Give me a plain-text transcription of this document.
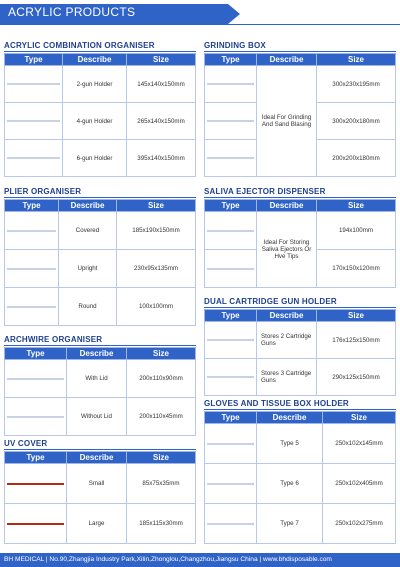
ACRYLIC PRODUCTS
ACRYLIC COMBINATION ORGANISER
Type	Describe	Size

	2-gun Holder	145x140x150mm

	4-gun Holder	265x140x150mm

	6-gun Holder	395x140x150mm
GRINDING BOX
Type	Describe	Size

	Ideal For Grinding And Sand Blasing	300x230x195mm

		300x200x180mm

		200x200x180mm
PLIER ORGANISER
Type	Describe	Size

	Covered	185x190x150mm

	Upright	230x95x135mm

	Round	100x100mm
SALIVA EJECTOR DISPENSER
Type	Describe	Size

	Ideal For Storing Saliva Ejectors Or Hve Tips	194x100mm

		170x150x120mm
DUAL CARTRIDGE GUN HOLDER
Type	Describe	Size

	Stores 2 Cartridge Guns	176x125x150mm

	Stores 3 Cartridge Guns	290x125x150mm
ARCHWIRE ORGANISER
Type	Describe	Size

	With Lid	200x110x90mm

	Without Lid	200x110x45mm
GLOVES AND TISSUE BOX HOLDER
Type	Describe	Size

	Type 5	250x102x145mm

	Type 6	250x102x405mm

	Type 7	250x102x275mm
UV COVER
Type	Describe	Size

	Small	85x75x35mm

	Large	185x115x30mm
BH MEDICAL | No.90,Zhangjia Industry Park,Xilin,Zhonglou,Changzhou,Jiangsu China | www.bhdisposable.com
